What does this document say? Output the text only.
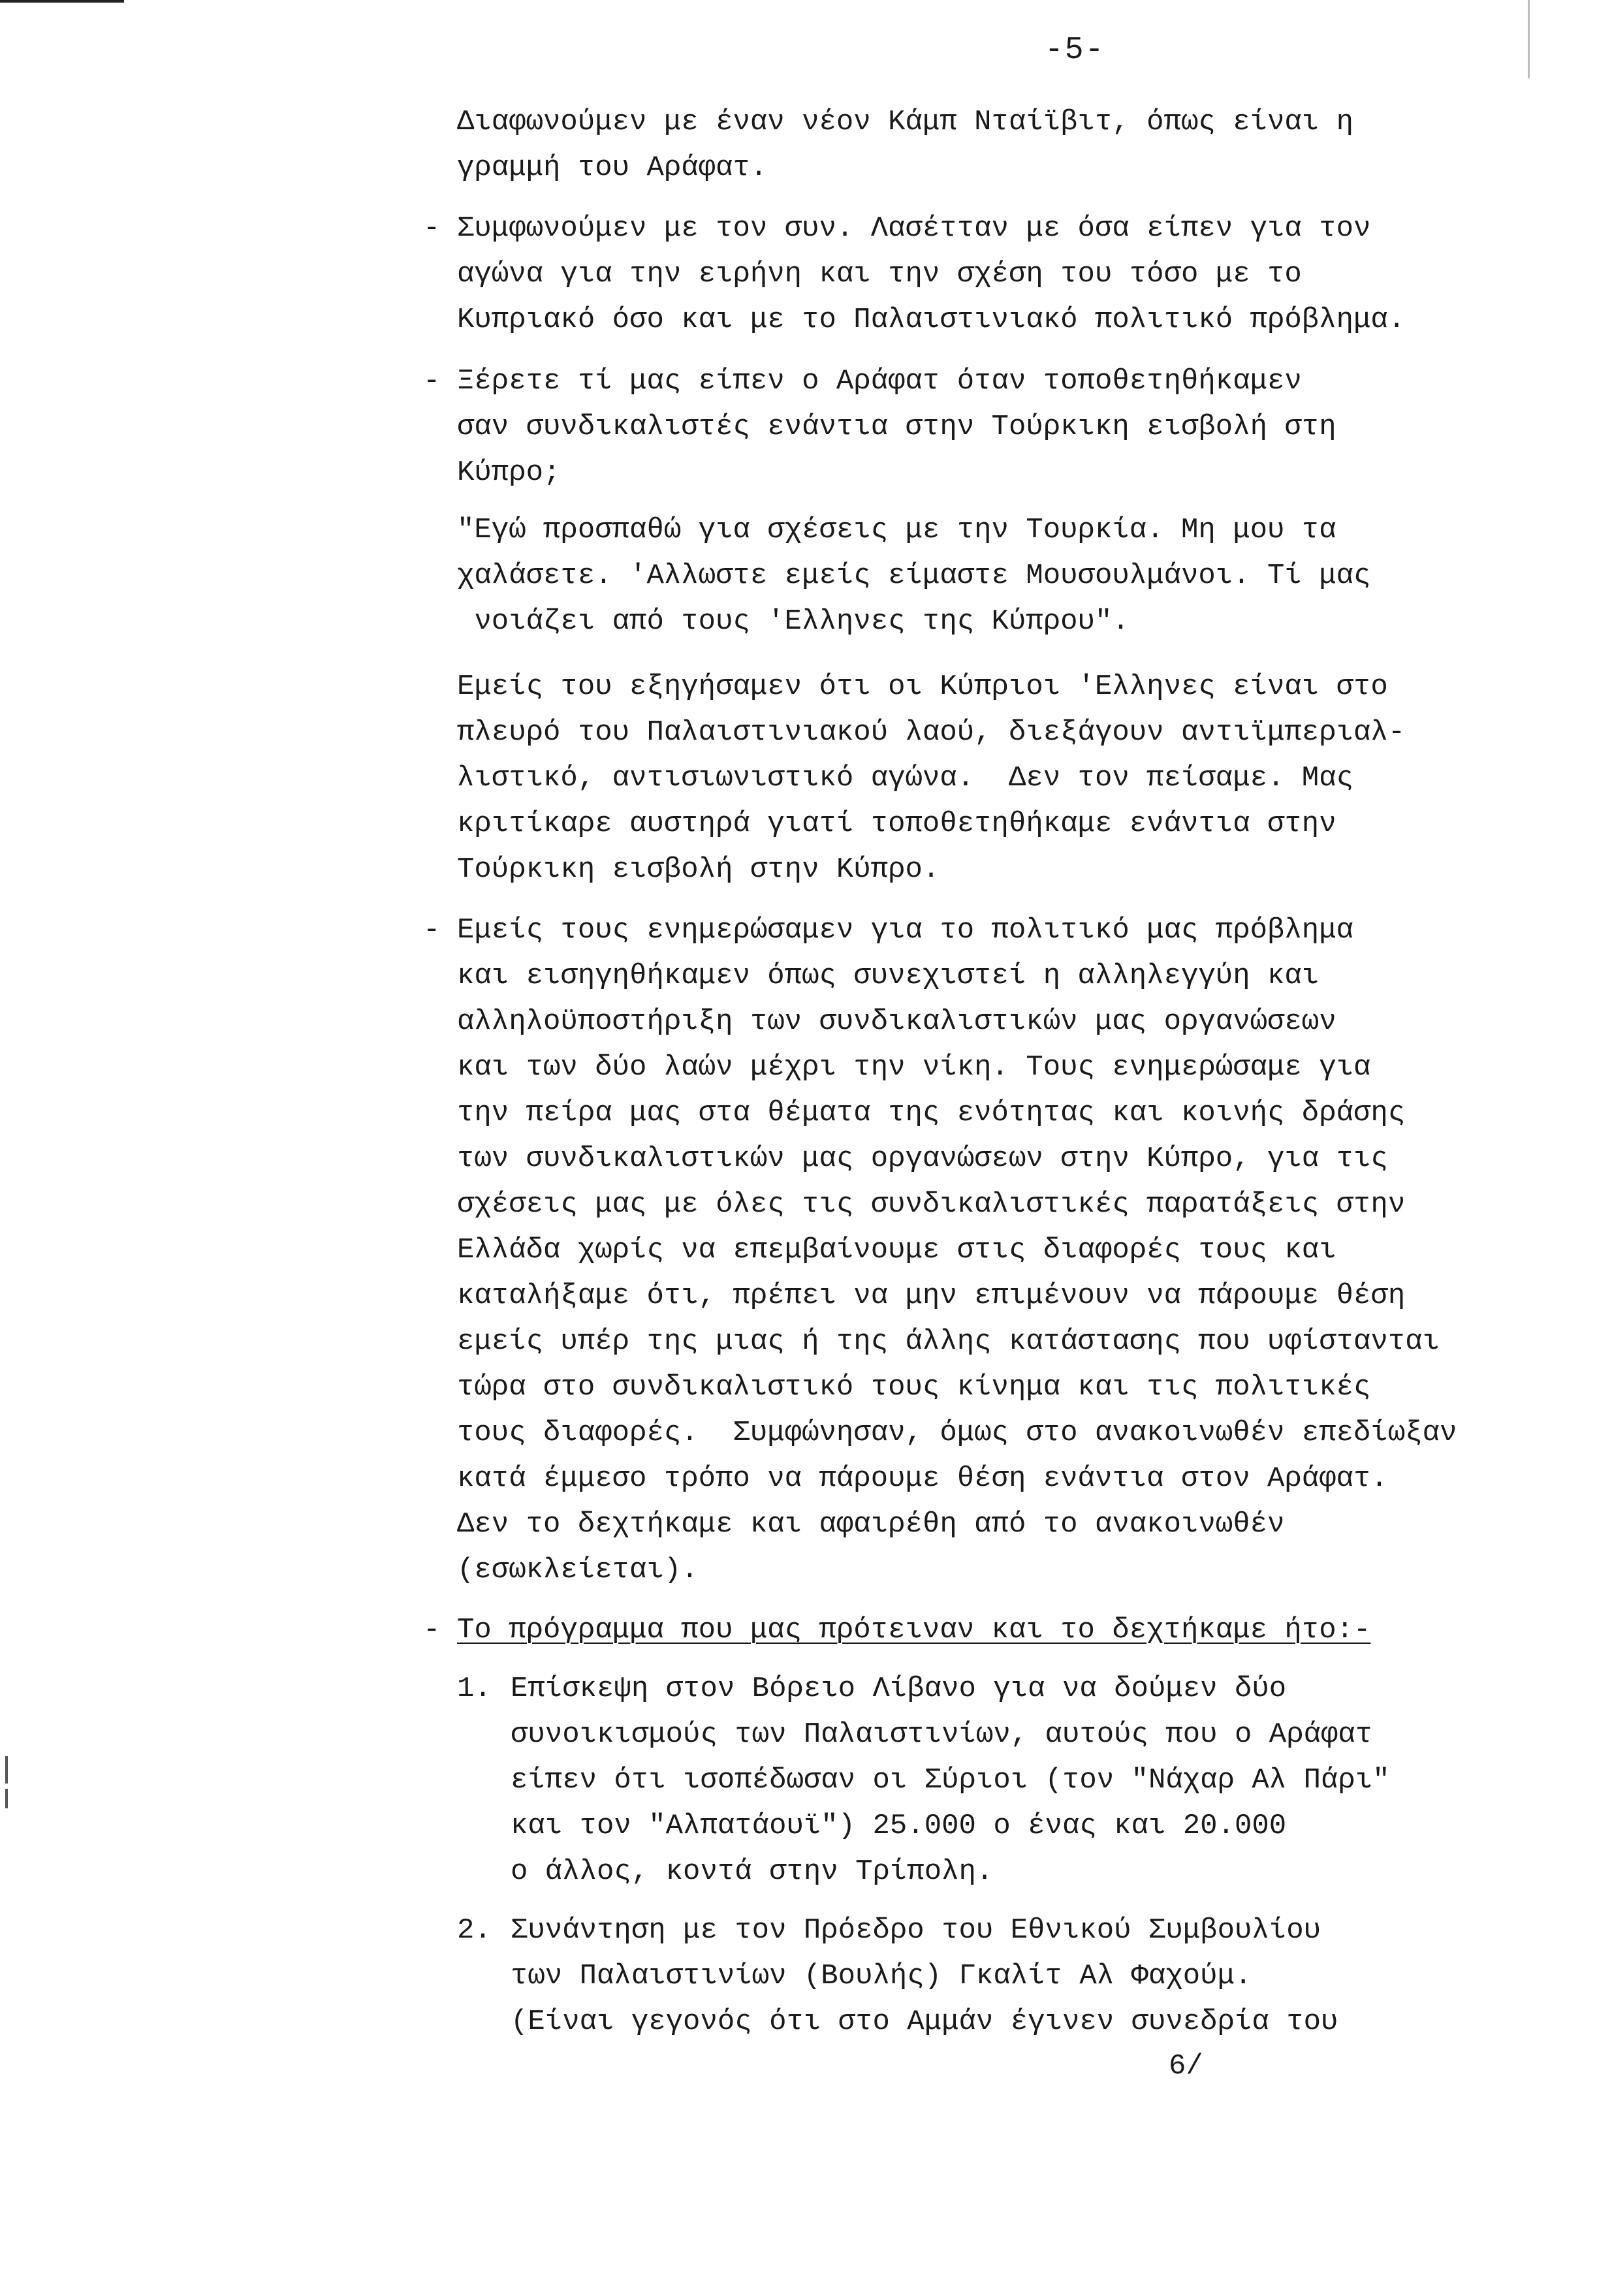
-5-
Διαφωνούμεν με έναν νέον Κάμπ Νταίϊβιτ, όπως είναι η
γραμμή του Αράφατ.
- Συμφωνούμεν με τον συν. Λασέτταν με όσα είπεν για τον
αγώνα για την ειρήνη και την σχέση του τόσο με το
Κυπριακό όσο και με το Παλαιστινιακό πολιτικό πρόβλημα.
- Ξέρετε τί μας είπεν ο Αράφατ όταν τοποθετηθήκαμεν
σαν συνδικαλιστές ενάντια στην Τούρκικη εισβολή στη
Κύπρο;
"Εγώ προσπαθώ για σχέσεις με την Τουρκία. Μη μου τα
χαλάσετε. 'Αλλωστε εμείς είμαστε Μουσουλμάνοι. Τί μας
νοιάζει από τους 'Ελληνες της Κύπρου".
Εμείς του εξηγήσαμεν ότι οι Κύπριοι 'Ελληνες είναι στο
πλευρό του Παλαιστινιακού λαού, διεξάγουν αντιϊμπεριαλ-
λιστικό, αντισιωνιστικό αγώνα.  Δεν τον πείσαμε. Μας
κριτίκαρε αυστηρά γιατί τοποθετηθήκαμε ενάντια στην
Τούρκικη εισβολή στην Κύπρο.
- Εμείς τους ενημερώσαμεν για το πολιτικό μας πρόβλημα
και εισηγηθήκαμεν όπως συνεχιστεί η αλληλεγγύη και
αλληλοϋποστήριξη των συνδικαλιστικών μας οργανώσεων
και των δύο λαών μέχρι την νίκη. Τους ενημερώσαμε για
την πείρα μας στα θέματα της ενότητας και κοινής δράσης
των συνδικαλιστικών μας οργανώσεων στην Κύπρο, για τις
σχέσεις μας με όλες τις συνδικαλιστικές παρατάξεις στην
Ελλάδα χωρίς να επεμβαίνουμε στις διαφορές τους και
καταλήξαμε ότι, πρέπει να μην επιμένουν να πάρουμε θέση
εμείς υπέρ της μιας ή της άλλης κατάστασης που υφίστανται
τώρα στο συνδικαλιστικό τους κίνημα και τις πολιτικές
τους διαφορές.  Συμφώνησαν, όμως στο ανακοινωθέν επεδίωξαν
κατά έμμεσο τρόπο να πάρουμε θέση ενάντια στον Αράφατ.
Δεν το δεχτήκαμε και αφαιρέθη από το ανακοινωθέν
(εσωκλείεται).
- Το πρόγραμμα που μας πρότειναν και το δεχτήκαμε ήτο:-
1. Επίσκεψη στον Βόρειο Λίβανο για να δούμεν δύο
συνοικισμούς των Παλαιστινίων, αυτούς που ο Αράφατ
είπεν ότι ισοπέδωσαν οι Σύριοι (τον "Νάχαρ Αλ Πάρι"
και τον "Αλπατάουϊ") 25.000 ο ένας και 20.000
ο άλλος, κοντά στην Τρίπολη.
2. Συνάντηση με τον Πρόεδρο του Εθνικού Συμβουλίου
των Παλαιστινίων (Βουλής) Γκαλίτ Αλ Φαχούμ.
(Είναι γεγονός ότι στο Αμμάν έγινεν συνεδρία του
6/
